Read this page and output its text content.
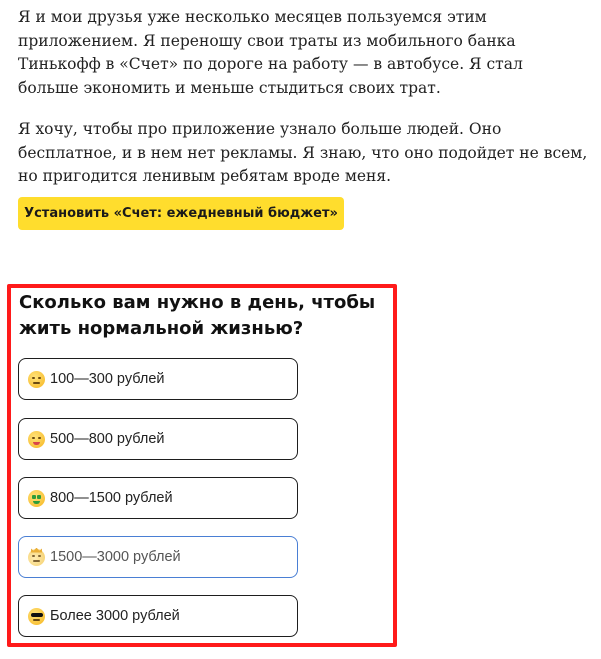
Я и мои друзья уже несколько месяцев пользуемся этим приложением. Я переношу свои траты из мобильного банка Тинькофф в «Счет» по дороге на работу — в автобусе. Я стал больше экономить и меньше стыдиться своих трат.

Я хочу, чтобы про приложение узнало больше людей. Оно бесплатное, и в нем нет рекламы. Я знаю, что оно подойдет не всем, но пригодится ленивым ребятам вроде меня.

Установить «Счет: ежедневный бюджет»
Сколько вам нужно в день, чтобы жить нормальной жизнью?
100—300 рублей
500—800 рублей
800—1500 рублей
1500—3000 рублей
Более 3000 рублей
